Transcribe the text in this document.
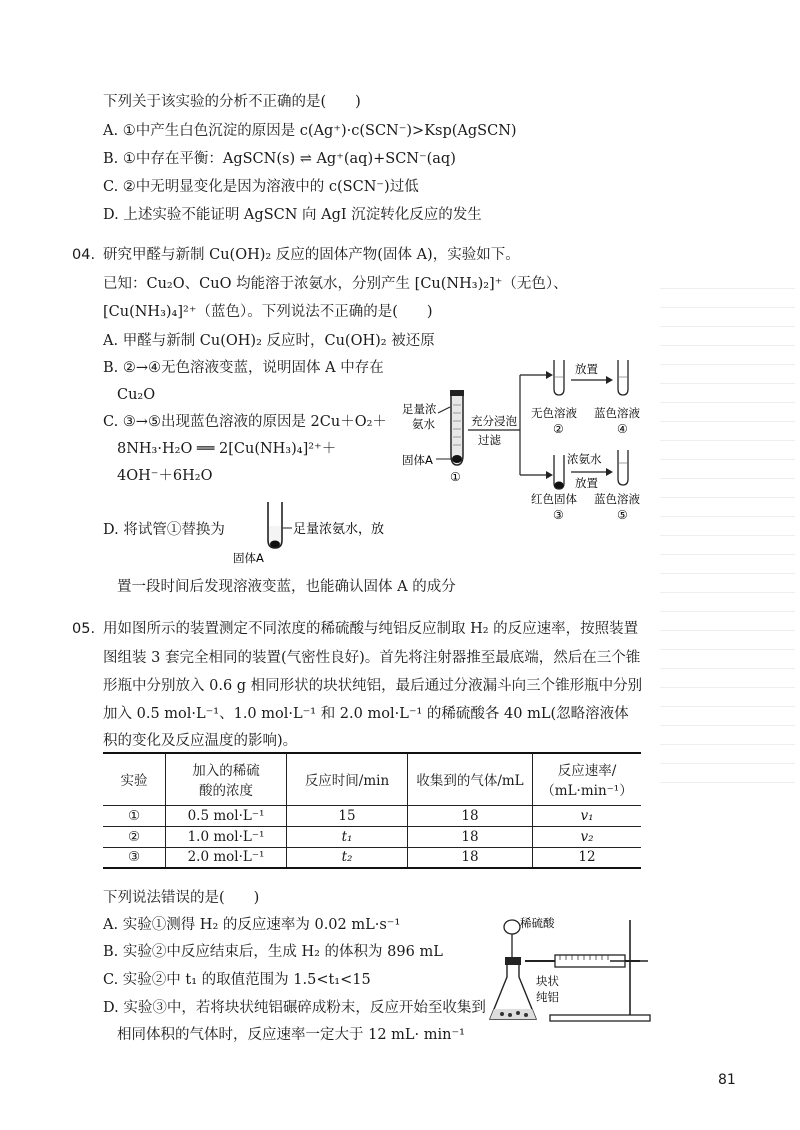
下列关于该实验的分析不正确的是(　　)
A. ①中产生白色沉淀的原因是 c(Ag⁺)·c(SCN⁻)>Ksp(AgSCN)
B. ①中存在平衡：AgSCN(s) ⇌ Ag⁺(aq)+SCN⁻(aq)
C. ②中无明显变化是因为溶液中的 c(SCN⁻)过低
D. 上述实验不能证明 AgSCN 向 AgI 沉淀转化反应的发生
04. 研究甲醛与新制 Cu(OH)₂ 反应的固体产物(固体 A)，实验如下。
已知：Cu₂O、CuO 均能溶于浓氨水，分别产生 [Cu(NH₃)₂]⁺（无色）、
[Cu(NH₃)₄]²⁺（蓝色）。下列说法不正确的是(　　)
A. 甲醛与新制 Cu(OH)₂ 反应时，Cu(OH)₂ 被还原
B. ②→④无色溶液变蓝，说明固体 A 中存在
Cu₂O
C. ③→⑤出现蓝色溶液的原因是 2Cu＋O₂＋
8NH₃·H₂O ══ 2[Cu(NH₃)₄]²⁺＋
4OH⁻＋6H₂O
D. 将试管①替换为	足量浓氨水，放
固体A
置一段时间后发现溶液变蓝，也能确认固体 A 的成分
足量浓
氨水
固体A
①
充分浸泡
过滤
无色溶液
②
放置
蓝色溶液
④
红色固体
③
浓氨水
放置
蓝色溶液
⑤
05. 用如图所示的装置测定不同浓度的稀硫酸与纯铝反应制取 H₂ 的反应速率，按照装置
图组装 3 套完全相同的装置(气密性良好)。首先将注射器推至最底端，然后在三个锥
形瓶中分别放入 0.6 g 相同形状的块状纯铝，最后通过分液漏斗向三个锥形瓶中分别
加入 0.5 mol·L⁻¹、1.0 mol·L⁻¹ 和 2.0 mol·L⁻¹ 的稀硫酸各 40 mL(忽略溶液体
积的变化及反应温度的影响)。
实验	加入的稀硫
酸的浓度	反应时间/min	收集到的气体/mL	反应速率/
（mL·min⁻¹）
①	0.5 mol·L⁻¹	15	18	v₁
②	1.0 mol·L⁻¹	t₁	18	v₂
③	2.0 mol·L⁻¹	t₂	18	12
下列说法错误的是(　　)
A. 实验①测得 H₂ 的反应速率为 0.02 mL·s⁻¹
B. 实验②中反应结束后，生成 H₂ 的体积为 896 mL
C. 实验②中 t₁ 的取值范围为 1.5<t₁<15
D. 实验③中，若将块状纯铝碾碎成粉末，反应开始至收集到
相同体积的气体时，反应速率一定大于 12 mL· min⁻¹
稀硫酸
块状
纯铝
81
